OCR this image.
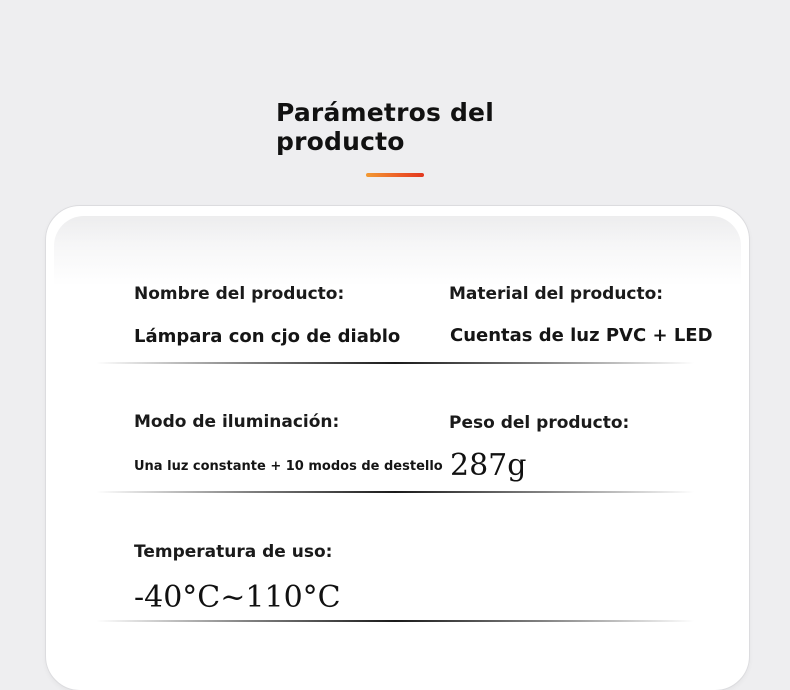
Parámetros del producto
Nombre del producto:
Lámpara con cjo de diablo
Material del producto:
Cuentas de luz PVC + LED
Modo de iluminación:
Una luz constante + 10 modos de destello
Peso del producto:
287g
Temperatura de uso:
-40°C~110°C
